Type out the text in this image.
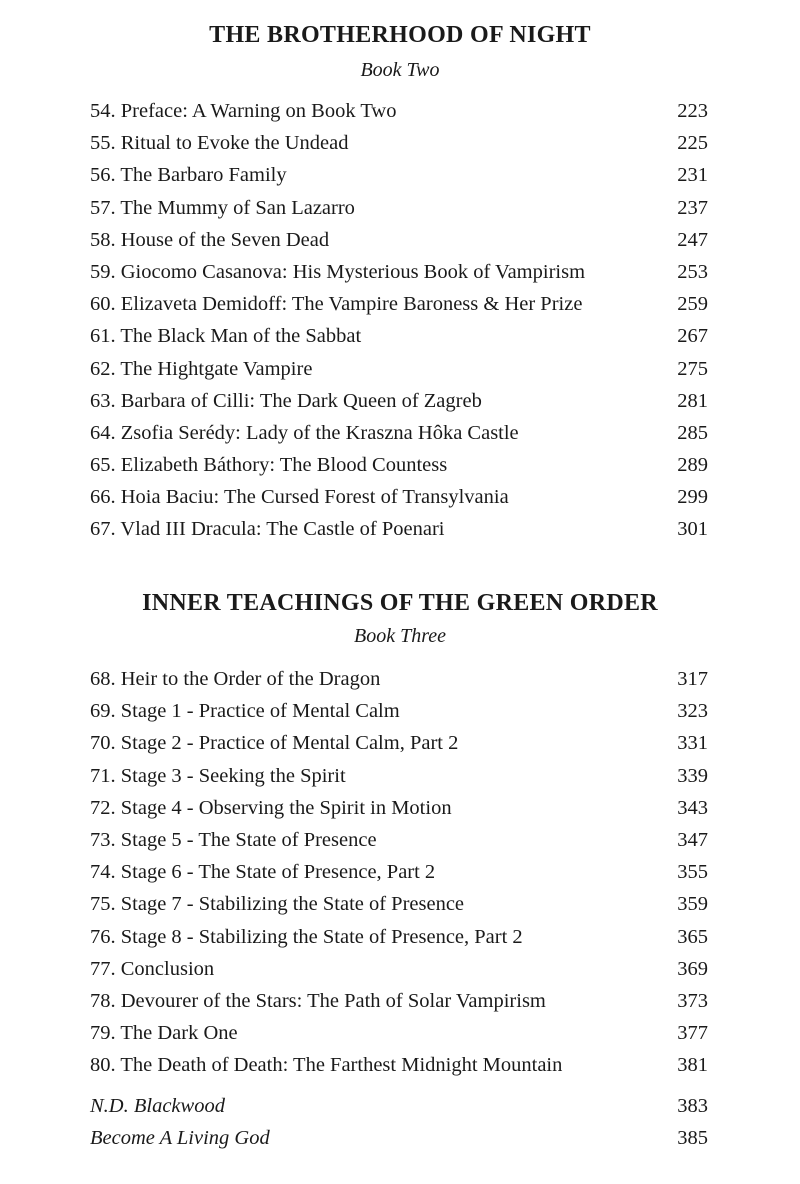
THE BROTHERHOOD OF NIGHT
Book Two
54. Preface: A Warning on Book Two	223
55. Ritual to Evoke the Undead	225
56. The Barbaro Family	231
57. The Mummy of San Lazarro	237
58. House of the Seven Dead	247
59. Giocomo Casanova: His Mysterious Book of Vampirism	253
60. Elizaveta Demidoff: The Vampire Baroness & Her Prize	259
61. The Black Man of the Sabbat	267
62. The Hightgate Vampire	275
63. Barbara of Cilli: The Dark Queen of Zagreb	281
64. Zsofia Serédy: Lady of the Kraszna Hôka Castle	285
65. Elizabeth Báthory: The Blood Countess	289
66. Hoia Baciu: The Cursed Forest of Transylvania	299
67. Vlad III Dracula: The Castle of Poenari	301
INNER TEACHINGS OF THE GREEN ORDER
Book Three
68. Heir to the Order of the Dragon	317
69. Stage 1 - Practice of Mental Calm	323
70. Stage 2 - Practice of Mental Calm, Part 2	331
71. Stage 3 - Seeking the Spirit	339
72. Stage 4 - Observing the Spirit in Motion	343
73. Stage 5 - The State of Presence	347
74. Stage 6 - The State of Presence, Part 2	355
75. Stage 7 - Stabilizing the State of Presence	359
76. Stage 8 - Stabilizing the State of Presence, Part 2	365
77. Conclusion	369
78. Devourer of the Stars: The Path of Solar Vampirism	373
79. The Dark One	377
80. The Death of Death: The Farthest Midnight Mountain	381
N.D. Blackwood	383
Become A Living God	385
